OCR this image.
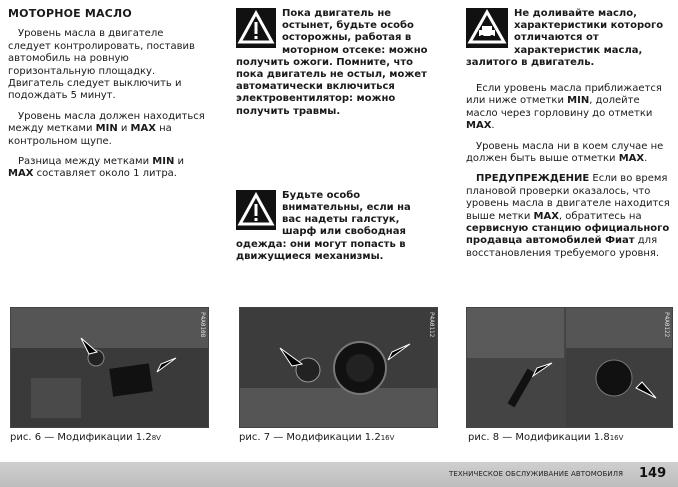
МОТОРНОЕ МАСЛО

Уровень масла в двигателе следует контролировать, поставив автомобиль на ровную горизонтальную площадку. Двигатель следует выключить и подождать 5 минут.

Уровень масла должен находиться между метками MIN и MAX на контрольном щупе.

Разница между метками MIN и MAX составляет около 1 литра.

Пока двигатель не остынет, будьте особо осторожны, работая в моторном отсеке: можно получить ожоги. Помните, что пока двигатель не остыл, может автоматически включиться электровентилятор: можно получить травмы.
Будьте особо внимательны, если на вас надеты галстук, шарф или свободная одежда: они могут попасть в движущиеся механизмы.
Не доливайте масло, характеристики которого отличаются от характеристик масла, залитого в двигатель.

Если уровень масла приближается или ниже отметки MIN, долейте масло через горловину до отметки MAX.

Уровень масла ни в коем случае не должен быть выше отметки MAX.

ПРЕДУПРЕЖДЕНИЕ Если во время плановой проверки оказалось, что уровень масла в двигателе находится выше метки MAX, обратитесь на сервисную станцию официального продавца автомобилей Фиат для восстановления требуемого уровня.

P4A0108
рис. 6 — Модификации 1.28V
P4A0112
рис. 7 — Модификации 1.216V
P4A0122
рис. 8 — Модификации 1.816V
ТЕХНИЧЕСКОЕ ОБСЛУЖИВАНИЕ АВТОМОБИЛЯ 149
